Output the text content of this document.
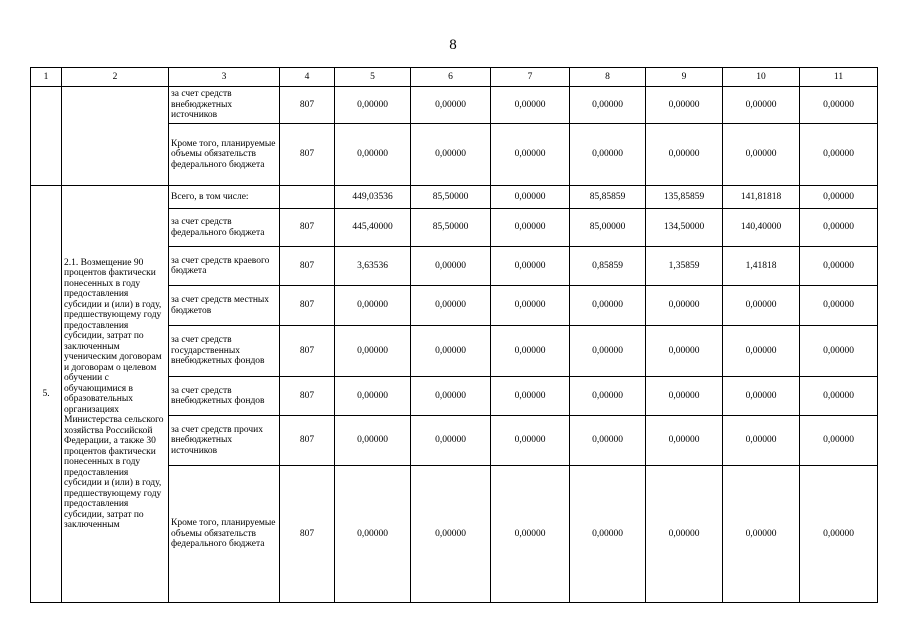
8
1	2	3	4	5	6	7	8	9	10	11
		за счет средств внебюджетных источников	807	0,00000	0,00000	0,00000	0,00000	0,00000	0,00000	0,00000
		Кроме того, планируемые объемы обязательств федерального бюджета	807	0,00000	0,00000	0,00000	0,00000	0,00000	0,00000	0,00000
5.	2.1. Возмещение 90 процентов фактически понесенных в году предоставления субсидии и (или) в году, предшествующему году предоставления субсидии, затрат по заключенным ученическим договорам и договорам о целевом обучении с обучающимися в образовательных организациях Министерства сельского хозяйства Российской Федерации, а также 30 процентов фактически понесенных в году предоставления субсидии и (или) в году, предшествующему году предоставления субсидии, затрат по заключенным	Всего, в том числе:		449,03536	85,50000	0,00000	85,85859	135,85859	141,81818	0,00000
		за счет средств федерального бюджета	807	445,40000	85,50000	0,00000	85,00000	134,50000	140,40000	0,00000
		за счет средств краевого бюджета	807	3,63536	0,00000	0,00000	0,85859	1,35859	1,41818	0,00000
		за счет средств местных бюджетов	807	0,00000	0,00000	0,00000	0,00000	0,00000	0,00000	0,00000
		за счет средств государственных внебюджетных фондов	807	0,00000	0,00000	0,00000	0,00000	0,00000	0,00000	0,00000
		за счет средств внебюджетных фондов	807	0,00000	0,00000	0,00000	0,00000	0,00000	0,00000	0,00000
		за счет средств прочих внебюджетных источников	807	0,00000	0,00000	0,00000	0,00000	0,00000	0,00000	0,00000
		Кроме того, планируемые объемы обязательств федерального бюджета	807	0,00000	0,00000	0,00000	0,00000	0,00000	0,00000	0,00000
